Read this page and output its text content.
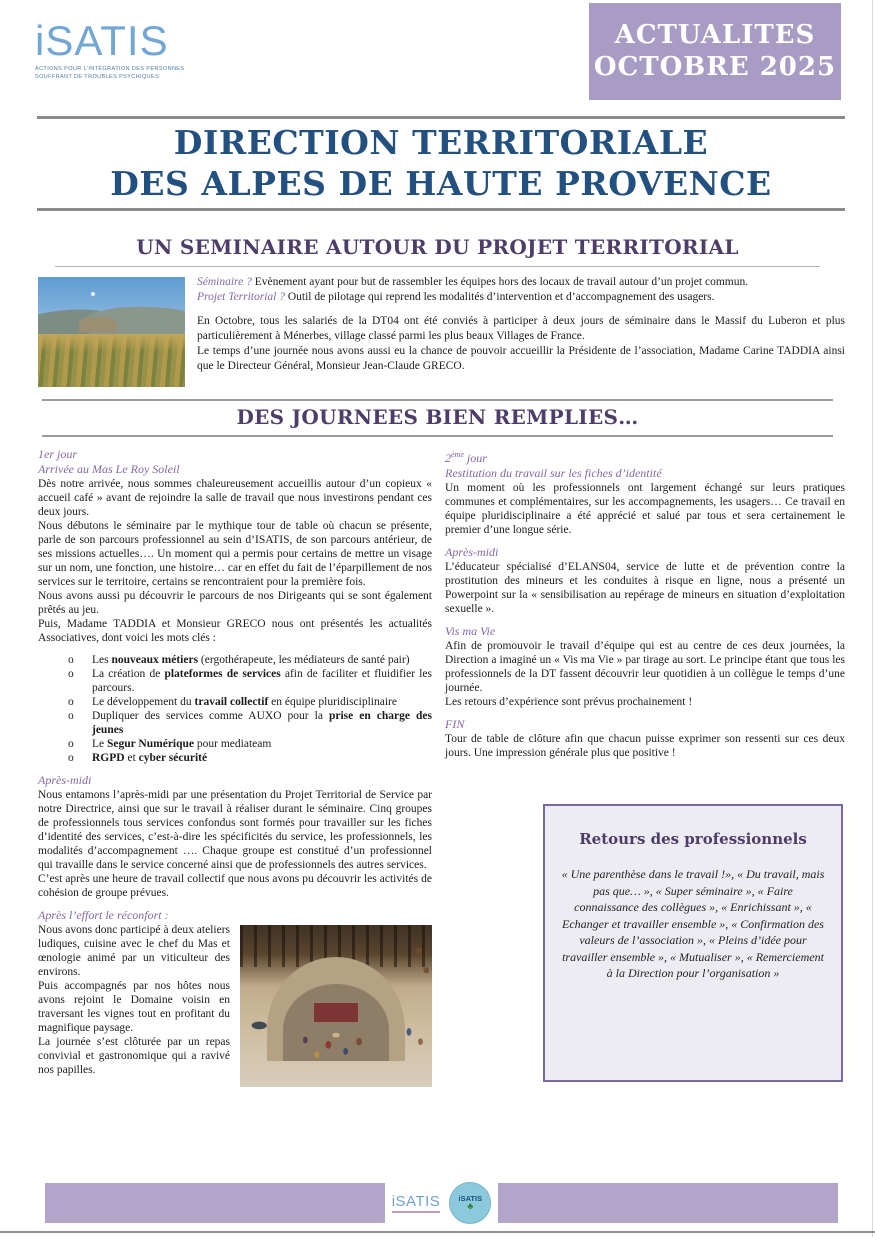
iSATIS
ACTIONS POUR L’INTÉGRATION DES PERSONNES
SOUFFRANT DE TROUBLES PSYCHIQUES
ACTUALITES
OCTOBRE 2025
DIRECTION TERRITORIALE
DES ALPES DE HAUTE PROVENCE
UN SEMINAIRE AUTOUR DU PROJET TERRITORIAL

Séminaire ? Evènement ayant pour but de rassembler les équipes hors des locaux de travail autour d’un projet commun.

Projet Territorial ? Outil de pilotage qui reprend les modalités d’intervention et d’accompagnement des usagers.

En Octobre, tous les salariés de la DT04 ont été conviés à participer à deux jours de séminaire dans le Massif du Luberon et plus particulièrement à Ménerbes, village classé parmi les plus beaux Villages de France.

Le temps d’une journée nous avons aussi eu la chance de pouvoir accueillir la Présidente de l’association, Madame Carine TADDIA ainsi que le Directeur Général, Monsieur Jean-Claude GRECO.

DES JOURNEES BIEN REMPLIES…
1er jour
Arrivée au Mas Le Roy Soleil

Dès notre arrivée, nous sommes chaleureusement accueillis autour d’un copieux « accueil café » avant de rejoindre la salle de travail que nous investirons pendant ces deux jours.

Nous débutons le séminaire par le mythique tour de table où chacun se présente, parle de son parcours professionnel au sein d’ISATIS, de son parcours antérieur, de ses missions actuelles…. Un moment qui a permis pour certains de mettre un visage sur un nom, une fonction, une histoire… car en effet du fait de l’éparpillement de nos services sur le territoire, certains se rencontraient pour la première fois.

Nous avons aussi pu découvrir le parcours de nos Dirigeants qui se sont également prêtés au jeu.

Puis, Madame TADDIA et Monsieur GRECO nous ont présentés les actualités Associatives, dont voici les mots clés :

o	Les nouveaux métiers (ergothérapeute, les médiateurs de santé pair)
o	La création de plateformes de services afin de faciliter et fluidifier les parcours.
o	Le développement du travail collectif en équipe pluridisciplinaire
o	Dupliquer des services comme AUXO pour la prise en charge des jeunes
o	Le Segur Numérique pour mediateam
o	RGPD et cyber sécurité
Après-midi

Nous entamons l’après-midi par une présentation du Projet Territorial de Service par notre Directrice, ainsi que sur le travail à réaliser durant le séminaire. Cinq groupes de professionnels tous services confondus sont formés pour travailler sur les fiches d’identité des services, c’est-à-dire les spécificités du service, les professionnels, les modalités d’accompagnement …. Chaque groupe est constitué d’un professionnel qui travaille dans le service concerné ainsi que de professionnels des autres services.

C’est après une heure de travail collectif que nous avons pu découvrir les activités de cohésion de groupe prévues.

Après l’effort le réconfort :

Nous avons donc participé à deux ateliers ludiques, cuisine avec le chef du Mas et œnologie animé par un viticulteur des environs.

Puis accompagnés par nos hôtes nous avons rejoint le Domaine voisin en traversant les vignes tout en profitant du magnifique paysage.

La journée s’est clôturée par un repas convivial et gastronomique qui a ravivé nos papilles.

2ème jour
Restitution du travail sur les fiches d’identité

Un moment où les professionnels ont largement échangé sur leurs pratiques communes et complémentaires, sur les accompagnements, les usagers… Ce travail en équipe pluridisciplinaire a été apprécié et salué par tous et sera certainement le premier d’une longue série.

Après-midi

L’éducateur spécialisé d’ELANS04, service de lutte et de prévention contre la prostitution des mineurs et les conduites à risque en ligne, nous a présenté un Powerpoint sur la « sensibilisation au repérage de mineurs en situation d’exploitation sexuelle ».

Vis ma Vie

Afin de promouvoir le travail d’équipe qui est au centre de ces deux journées, la Direction a imaginé un « Vis ma Vie » par tirage au sort. Le principe étant que tous les professionnels de la DT fassent découvrir leur quotidien à un collègue le temps d’une journée.

Les retours d’expérience sont prévus prochainement !

FIN

Tour de table de clôture afin que chacun puisse exprimer son ressenti sur ces deux jours. Une impression générale plus que positive !

Retours des professionnels
« Une parenthèse dans le travail !», « Du travail, mais pas que… », « Super séminaire », « Faire connaissance des collègues », « Enrichissant », « Echanger et travailler ensemble », « Confirmation des valeurs de l’association », « Pleins d’idée pour travailler ensemble », « Mutualiser », « Remerciement à la Direction pour l’organisation »
iSATIS iSATIS
♣
